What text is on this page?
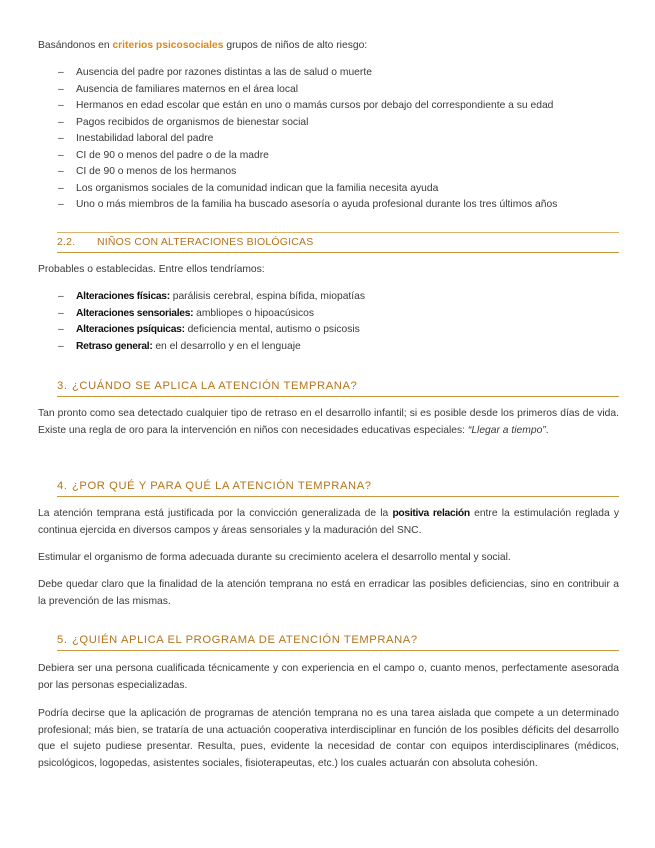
Basándonos en criterios psicosociales grupos de niños de alto riesgo:

– Ausencia del padre por razones distintas a las de salud o muerte
– Ausencia de familiares maternos en el área local
– Hermanos en edad escolar que están en uno o mamás cursos por debajo del correspondiente a su edad
– Pagos recibidos de organismos de bienestar social
– Inestabilidad laboral del padre
– CI de 90 o menos del padre o de la madre
– CI de 90 o menos de los hermanos
– Los organismos sociales de la comunidad indican que la familia necesita ayuda
– Uno o más miembros de la familia ha buscado asesoría o ayuda profesional durante los tres últimos años
2.2. NIÑOS CON ALTERACIONES BIOLÓGICAS

Probables o establecidas. Entre ellos tendríamos:

– Alteraciones físicas: parálisis cerebral, espina bífida, miopatías
– Alteraciones sensoriales: ambliopes o hipoacúsicos
– Alteraciones psíquicas: deficiencia mental, autismo o psicosis
– Retraso general: en el desarrollo y en el lenguaje
3. ¿CUÁNDO SE APLICA LA ATENCIÓN TEMPRANA?

Tan pronto como sea detectado cualquier tipo de retraso en el desarrollo infantil; si es posible desde los primeros días de vida. Existe una regla de oro para la intervención en niños con necesidades educativas especiales: “Llegar a tiempo”.

4. ¿POR QUÉ Y PARA QUÉ LA ATENCIÓN TEMPRANA?

La atención temprana está justificada por la convicción generalizada de la positiva relación entre la estimulación reglada y continua ejercida en diversos campos y áreas sensoriales y la maduración del SNC.

Estimular el organismo de forma adecuada durante su crecimiento acelera el desarrollo mental y social.

Debe quedar claro que la finalidad de la atención temprana no está en erradicar las posibles deficiencias, sino en contribuir a la prevención de las mismas.

5. ¿QUIÉN APLICA EL PROGRAMA DE ATENCIÓN TEMPRANA?

Debiera ser una persona cualificada técnicamente y con experiencia en el campo o, cuanto menos, perfectamente asesorada por las personas especializadas.

Podría decirse que la aplicación de programas de atención temprana no es una tarea aislada que compete a un determinado profesional; más bien, se trataría de una actuación cooperativa interdisciplinar en función de los posibles déficits del desarrollo que el sujeto pudiese presentar. Resulta, pues, evidente la necesidad de contar con equipos interdisciplinares (médicos, psicológicos, logopedas, asistentes sociales, fisioterapeutas, etc.) los cuales actuarán con absoluta cohesión.
